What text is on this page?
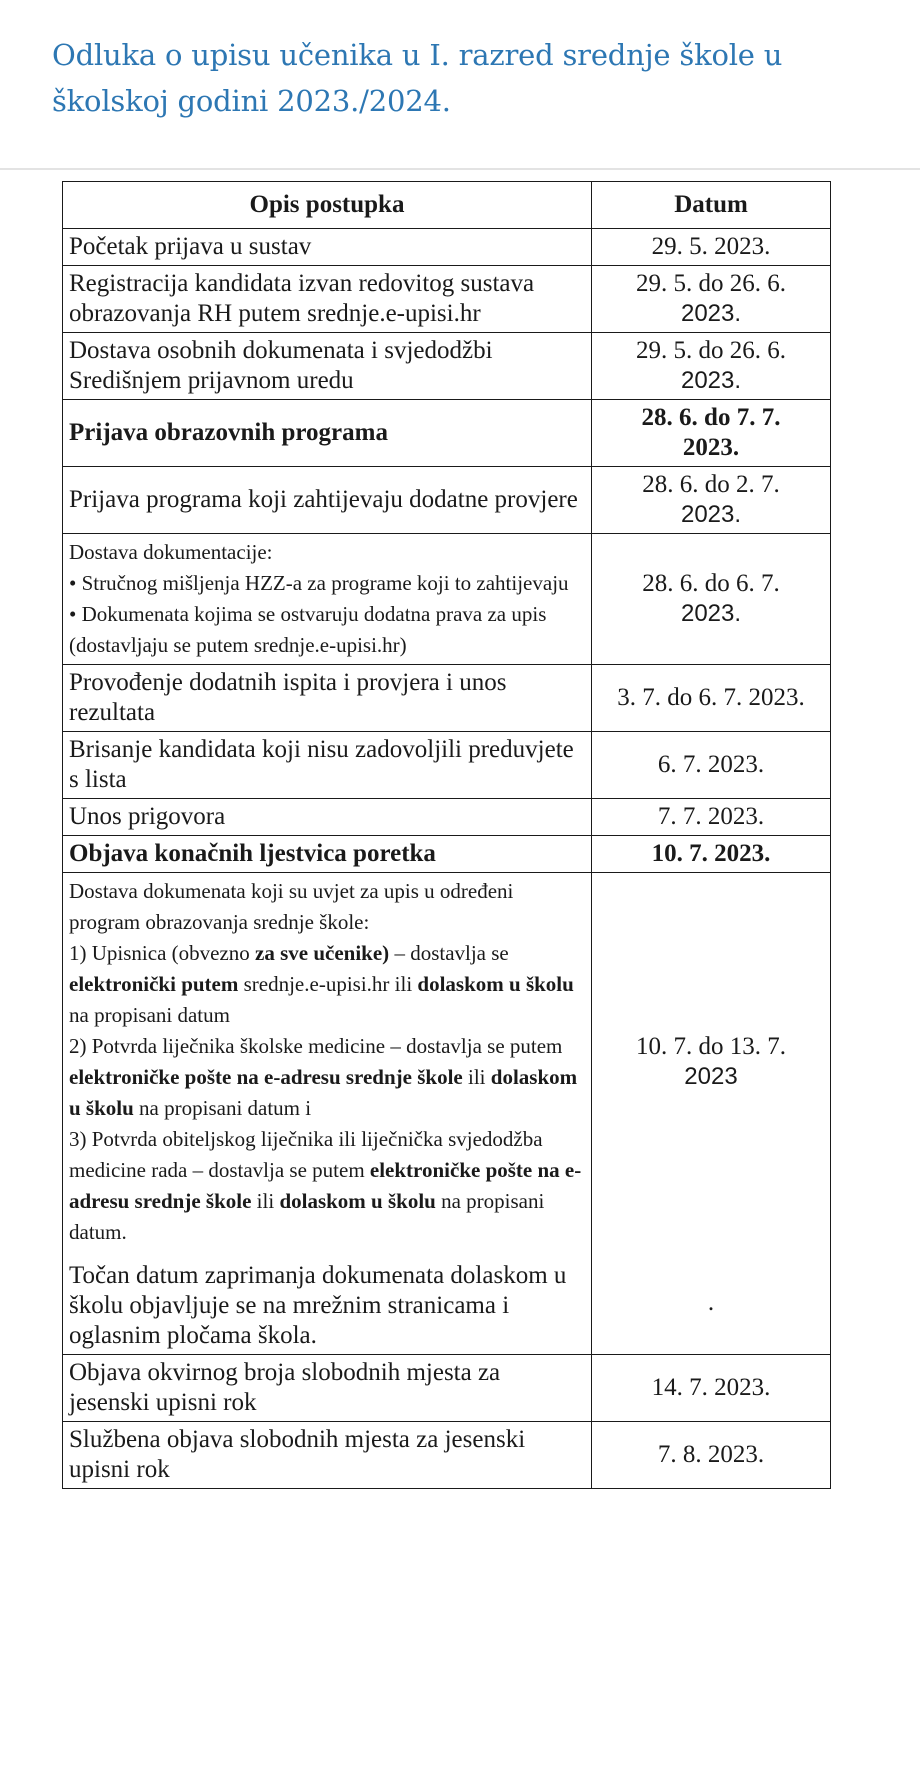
Odluka o upisu učenika u I. razred srednje škole u školskoj godini 2023./2024.
Opis postupka	Datum
Početak prijava u sustav	29. 5. 2023.
Registracija kandidata izvan redovitog sustava obrazovanja RH putem srednje.e-upisi.hr	29. 5. do 26. 6.
2023.
Dostava osobnih dokumenata i svjedodžbi Središnjem prijavnom uredu	29. 5. do 26. 6.
2023.
Prijava obrazovnih programa	28. 6. do 7. 7.
2023.
Prijava programa koji zahtijevaju dodatne provjere	28. 6. do 2. 7.
2023.

Dostava dokumentacije:
• Stručnog mišljenja HZZ-a za programe koji to zahtijevaju
• Dokumenata kojima se ostvaruju dodatna prava za upis (dostavljaju se putem srednje.e-upisi.hr)	28. 6. do 6. 7.
2023.
Provođenje dodatnih ispita i provjera i unos rezultata	3. 7. do 6. 7. 2023.
Brisanje kandidata koji nisu zadovoljili preduvjete s lista	6. 7. 2023.
Unos prigovora	7. 7. 2023.
Objava konačnih ljestvica poretka	10. 7. 2023.

Dostava dokumenata koji su uvjet za upis u određeni program obrazovanja srednje škole:
1) Upisnica (obvezno za sve učenike) – dostavlja se elektronički putem srednje.e-upisi.hr ili dolaskom u školu na propisani datum
2) Potvrda liječnika školske medicine – dostavlja se putem elektroničke pošte na e-adresu srednje škole ili dolaskom u školu na propisani datum i
3) Potvrda obiteljskog liječnika ili liječnička svjedodžba medicine rada – dostavlja se putem elektroničke pošte na e-adresu srednje škole ili dolaskom u školu na propisani datum.	10. 7. do 13. 7.
2023
Točan datum zaprimanja dokumenata dolaskom u školu objavljuje se na mrežnim stranicama i oglasnim pločama škola.	.
Objava okvirnog broja slobodnih mjesta za jesenski upisni rok	14. 7. 2023.
Službena objava slobodnih mjesta za jesenski upisni rok	7. 8. 2023.
